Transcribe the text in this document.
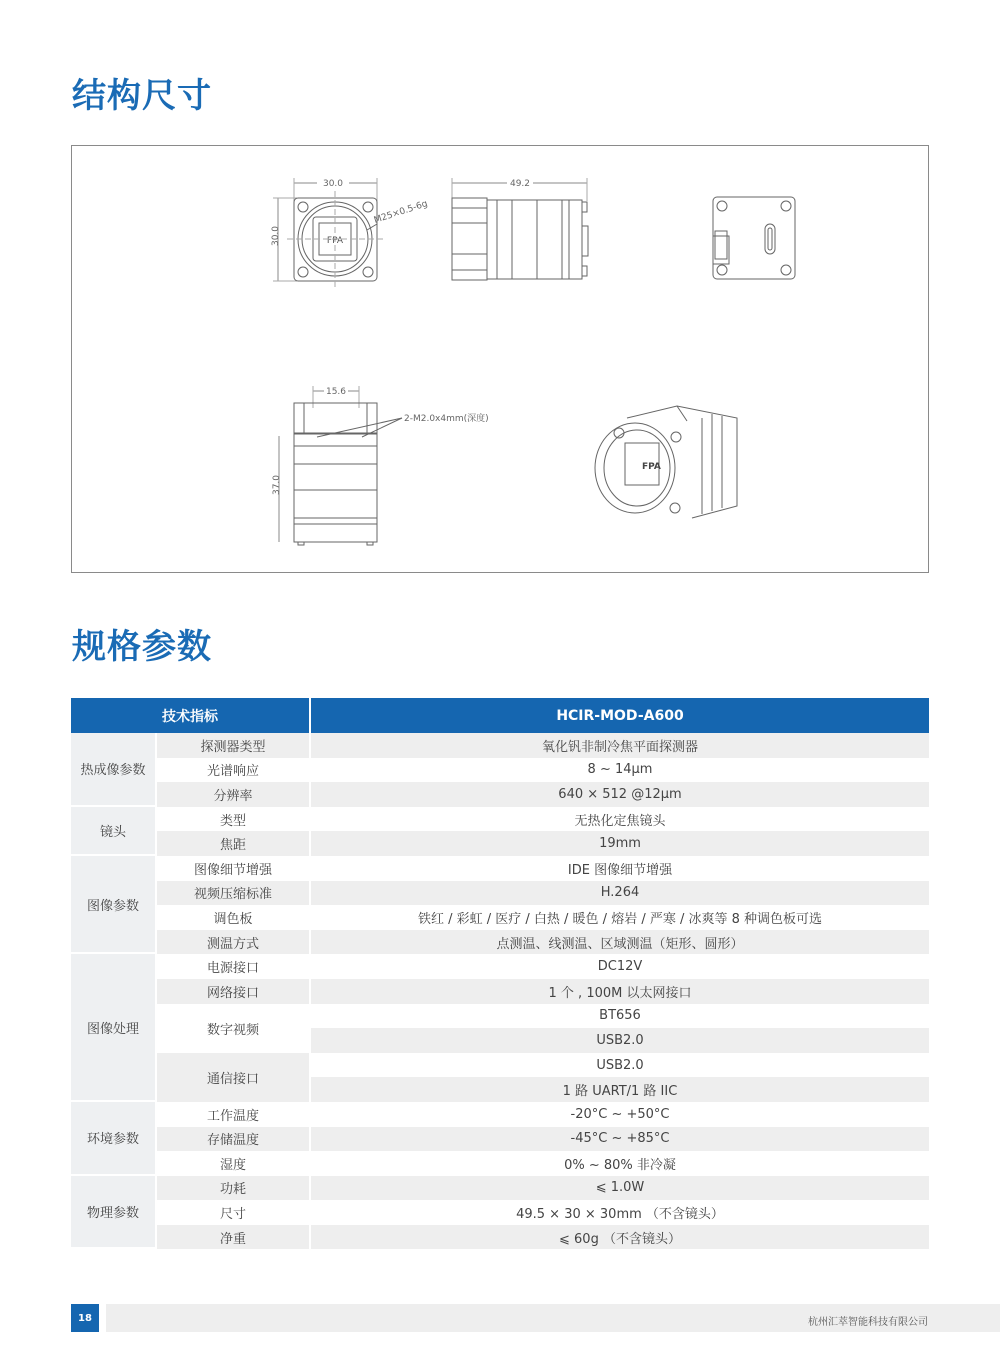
结构尺寸
30.0
30.0	FPA
M25×0.5-6g
49.2
15.6
37.0
2-M2.0x4mm(深度)
FPA
规格参数
技术指标		HCIR-MOD-A600
热成像参数	探测器类型	氧化钒非制冷焦平面探测器
	光谱响应	8 ~ 14μm
	分辨率	640 × 512 @12μm
镜头	类型	无热化定焦镜头
	焦距	19mm
图像参数	图像细节增强	IDE 图像细节增强
	视频压缩标准	H.264
	调色板	铁红 / 彩虹 / 医疗 / 白热 / 暖色 / 熔岩 / 严寒 / 冰爽等 8 种调色板可选
	测温方式	点测温、线测温、区域测温（矩形、圆形）
图像处理	电源接口	DC12V
	网络接口	1 个 , 100M 以太网接口
	数字视频	BT656
		USB2.0
	通信接口	USB2.0
		1 路 UART/1 路 IIC
环境参数	工作温度	-20°C ~ +50°C
	存储温度	-45°C ~ +85°C
	湿度	0% ~ 80% 非冷凝
物理参数	功耗	⩽ 1.0W
	尺寸	49.5 × 30 × 30mm （不含镜头）
	净重	⩽ 60g （不含镜头）
18	杭州汇萃智能科技有限公司
